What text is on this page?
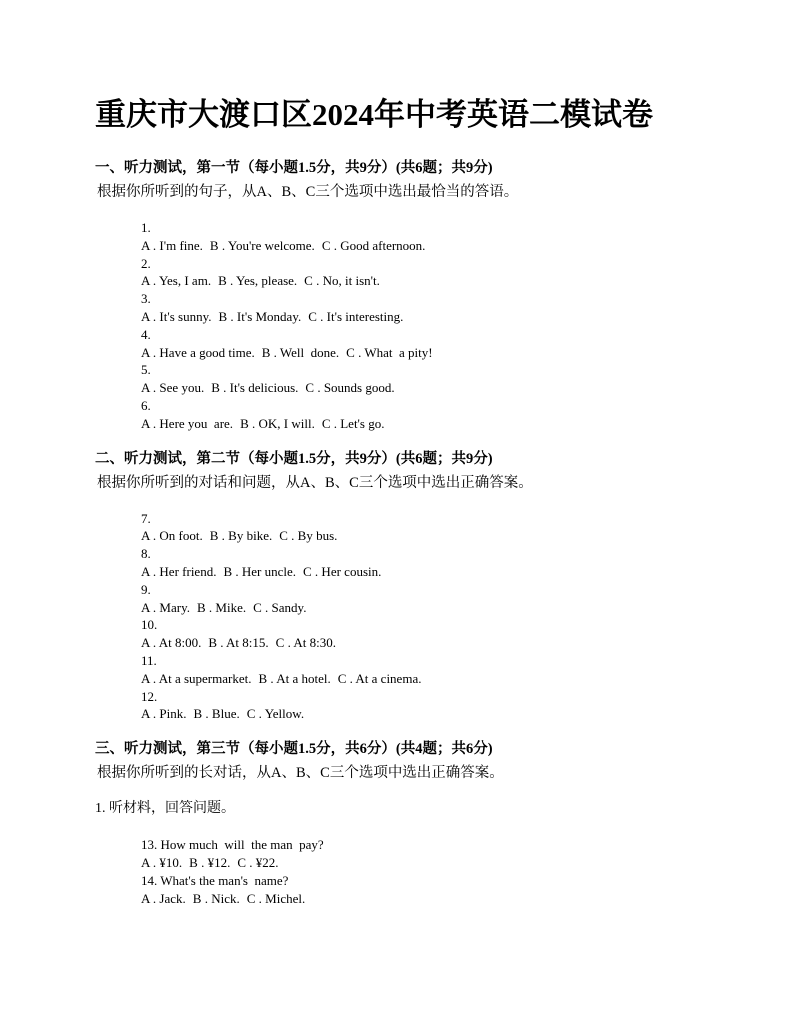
重庆市大渡口区2024年中考英语二模试卷
一、听力测试，第一节（每小题1.5分，共9分）(共6题；共9分)
根据你所听到的句子，从A、B、C三个选项中选出最恰当的答语。
1.
A . I'm fine. B . You're welcome. C . Good afternoon.
2.
A . Yes, I am. B . Yes, please. C . No, it isn't.
3.
A . It's sunny. B . It's Monday. C . It's interesting.
4.
A . Have a good time. B . Well  done. C . What  a pity!
5.
A . See you. B . It's delicious. C . Sounds good.
6.
A . Here you  are. B . OK, I will. C . Let's go.
二、听力测试，第二节（每小题1.5分，共9分）(共6题；共9分)
根据你所听到的对话和问题，从A、B、C三个选项中选出正确答案。
7.
A . On foot. B . By bike. C . By bus.
8.
A . Her friend. B . Her uncle. C . Her cousin.
9.
A . Mary. B . Mike. C . Sandy.
10.
A . At 8:00. B . At 8:15. C . At 8:30.
11.
A . At a supermarket. B . At a hotel. C . At a cinema.
12.
A . Pink. B . Blue. C . Yellow.
三、听力测试，第三节（每小题1.5分，共6分）(共4题；共6分)
根据你所听到的长对话，从A、B、C三个选项中选出正确答案。
1. 听材料，回答问题。
13. How much  will  the man  pay?
A . ¥10. B . ¥12. C . ¥22.
14. What's the man's  name?
A . Jack. B . Nick. C . Michel.
